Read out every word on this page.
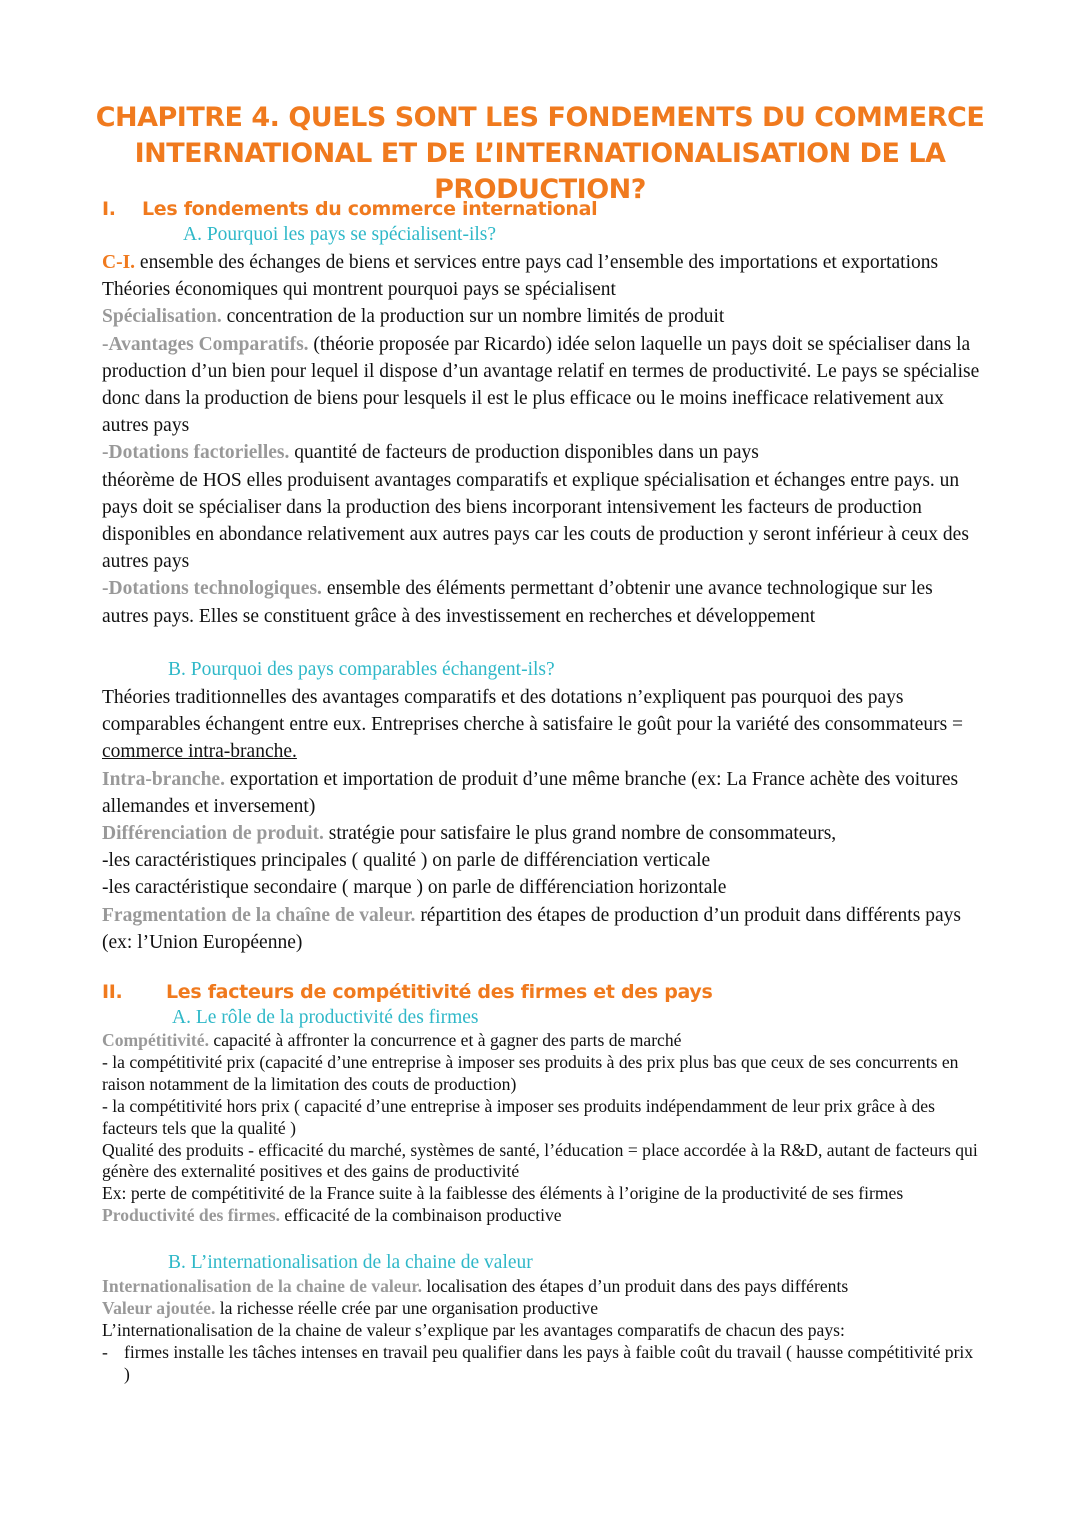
CHAPITRE 4. QUELS SONT LES FONDEMENTS DU COMMERCE
INTERNATIONAL ET DE L’INTERNATIONALISATION DE LA PRODUCTION?
I. Les fondements du commerce international
A. Pourquoi les pays se spécialisent-ils?

C-I. ensemble des échanges de biens et services entre pays cad l’ensemble des importations et exportations

Théories économiques qui montrent pourquoi pays se spécialisent

Spécialisation. concentration de la production sur un nombre limités de produit

-Avantages Comparatifs. (théorie proposée par Ricardo) idée selon laquelle un pays doit se spécialiser dans la production d’un bien pour lequel il dispose d’un avantage relatif en termes de productivité. Le pays se spécialise donc dans la production de biens pour lesquels il est le plus efficace ou le moins inefficace relativement aux autres pays

-Dotations factorielles. quantité de facteurs de production disponibles dans un pays

théorème de HOS elles produisent avantages comparatifs et explique spécialisation et échanges entre pays. un pays doit se spécialiser dans la production des biens incorporant intensivement les facteurs de production disponibles en abondance relativement aux autres pays car les couts de production y seront inférieur à ceux des autres pays

-Dotations technologiques. ensemble des éléments permettant d’obtenir une avance technologique sur les autres pays. Elles se constituent grâce à des investissement en recherches et développement

B. Pourquoi des pays comparables échangent-ils?

Théories traditionnelles des avantages comparatifs et des dotations n’expliquent pas pourquoi des pays comparables échangent entre eux. Entreprises cherche à satisfaire le goût pour la variété des consommateurs = commerce intra-branche.

Intra-branche. exportation et importation de produit d’une même branche (ex: La France achète des voitures allemandes et inversement)

Différenciation de produit. stratégie pour satisfaire le plus grand nombre de consommateurs,

-les caractéristiques principales ( qualité ) on parle de différenciation verticale

-les caractéristique secondaire ( marque ) on parle de différenciation horizontale

Fragmentation de la chaîne de valeur. répartition des étapes de production d’un produit dans différents pays (ex: l’Union Européenne)

II. Les facteurs de compétitivité des firmes et des pays
A. Le rôle de la productivité des firmes

Compétitivité. capacité à affronter la concurrence et à gagner des parts de marché

- la compétitivité prix (capacité d’une entreprise à imposer ses produits à des prix plus bas que ceux de ses concurrents en raison notamment de la limitation des couts de production)

- la compétitivité hors prix ( capacité d’une entreprise à imposer ses produits indépendamment de leur prix grâce à des facteurs tels que la qualité )

Qualité des produits - efficacité du marché, systèmes de santé, l’éducation = place accordée à la R&D, autant de facteurs qui génère des externalité positives et des gains de productivité

Ex: perte de compétitivité de la France suite à la faiblesse des éléments à l’origine de la productivité de ses firmes

Productivité des firmes. efficacité de la combinaison productive

B. L’internationalisation de la chaine de valeur

Internationalisation de la chaine de valeur. localisation des étapes d’un produit dans des pays différents

Valeur ajoutée. la richesse réelle crée par une organisation productive

L’internationalisation de la chaine de valeur s’explique par les avantages comparatifs de chacun des pays:

- firmes installe les tâches intenses en travail peu qualifier dans les pays à faible coût du travail ( hausse compétitivité prix )
